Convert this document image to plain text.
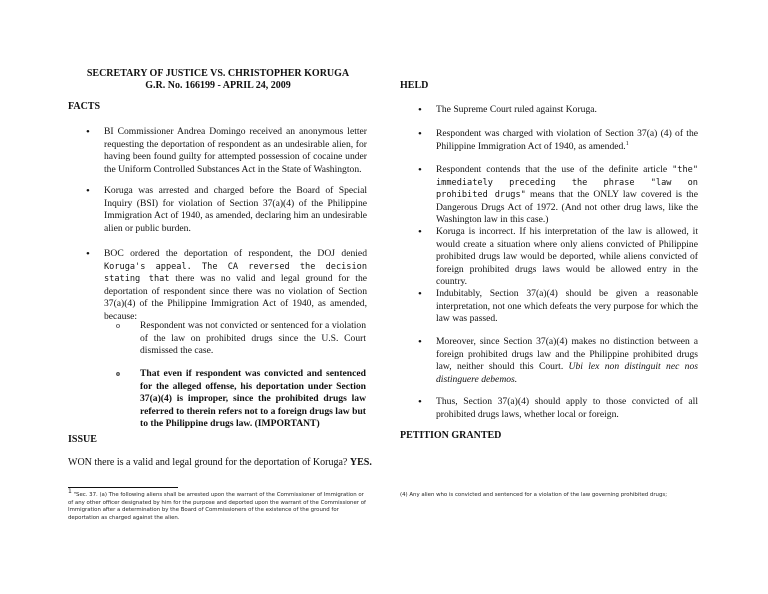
SECRETARY OF JUSTICE VS. CHRISTOPHER KORUGA
G.R. No. 166199 - APRIL 24, 2009
FACTS
• BI Commissioner Andrea Domingo received an anonymous letter requesting the deportation of respondent as an undesirable alien, for having been found guilty for attempted possession of cocaine under the Uniform Controlled Substances Act in the State of Washington.
• Koruga was arrested and charged before the Board of Special Inquiry (BSI) for violation of Section 37(a)(4) of the Philippine Immigration Act of 1940, as amended, declaring him an undesirable alien or public burden.
• BOC ordered the deportation of respondent, the DOJ denied Koruga's appeal. The CA reversed the decision stating that there was no valid and legal ground for the deportation of respondent since there was no violation of Section 37(a)(4) of the Philippine Immigration Act of 1940, as amended, because:
o Respondent was not convicted or sentenced for a violation of the law on prohibited drugs since the U.S. Court dismissed the case.
o That even if respondent was convicted and sentenced for the alleged offense, his deportation under Section 37(a)(4) is improper, since the prohibited drugs law referred to therein refers not to a foreign drugs law but to the Philippine drugs law. (IMPORTANT)
ISSUE
WON there is a valid and legal ground for the deportation of Koruga? YES.
HELD
• The Supreme Court ruled against Koruga.
• Respondent was charged with violation of Section 37(a) (4) of the Philippine Immigration Act of 1940, as amended.$^1$
• Respondent contends that the use of the definite article "the" immediately preceding the phrase "law on prohibited drugs" means that the ONLY law covered is the Dangerous Drugs Act of 1972. (And not other drug laws, like the Washington law in this case.)
• Koruga is incorrect. If his interpretation of the law is allowed, it would create a situation where only aliens convicted of Philippine prohibited drugs law would be deported, while aliens convicted of foreign prohibited drugs laws would be allowed entry in the country.
• Indubitably, Section 37(a)(4) should be given a reasonable interpretation, not one which defeats the very purpose for which the law was passed.
• Moreover, since Section 37(a)(4) makes no distinction between a foreign prohibited drugs law and the Philippine prohibited drugs law, neither should this Court. Ubi lex non distinguit nec nos distinguere debemos.
• Thus, Section 37(a)(4) should apply to those convicted of all prohibited drugs laws, whether local or foreign.
PETITION GRANTED
1 "Sec. 37. (a) The following aliens shall be arrested upon the warrant of the Commissioner of Immigration or of any other officer designated by him for the purpose and deported upon the warrant of the Commissioner of Immigration after a determination by the Board of Commissioners of the existence of the ground for deportation as charged against the alien.
(4) Any alien who is convicted and sentenced for a violation of the law governing prohibited drugs;
